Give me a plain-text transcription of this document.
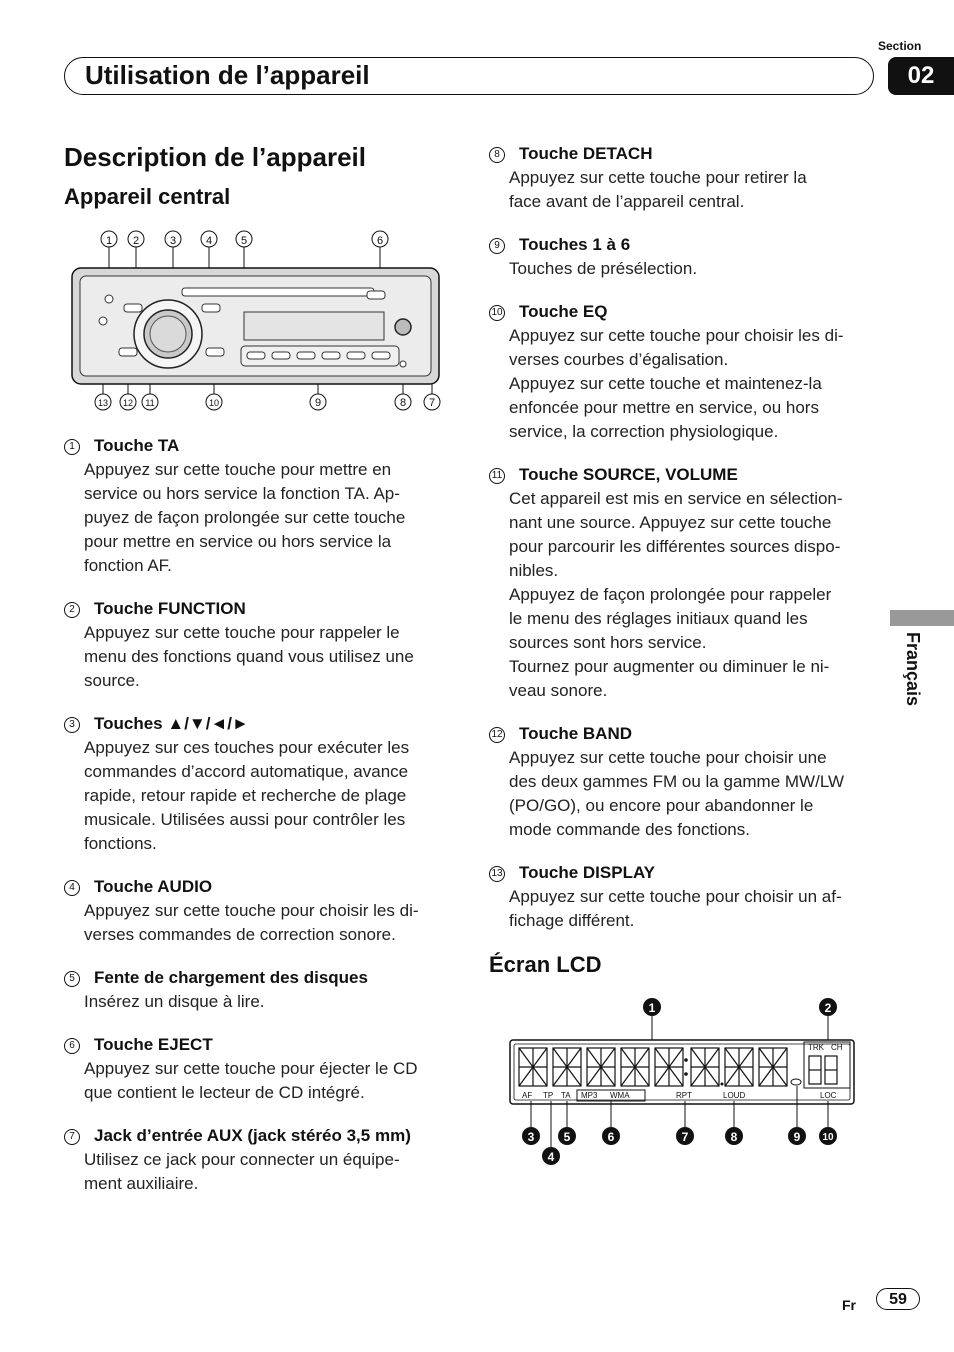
Section
02
Utilisation de l’appareil
Description de l’appareil
Appareil central
1 2	3	4	5	6
13 12 11	10	9	8 7
1 Touche TA

Appuyez sur cette touche pour mettre en

service ou hors service la fonction TA. Ap-

puyez de façon prolongée sur cette touche

pour mettre en service ou hors service la

fonction AF.

2 Touche FUNCTION

Appuyez sur cette touche pour rappeler le

menu des fonctions quand vous utilisez une

source.

3 Touches ▲/▼/◄/►

Appuyez sur ces touches pour exécuter les

commandes d’accord automatique, avance

rapide, retour rapide et recherche de plage

musicale. Utilisées aussi pour contrôler les

fonctions.

4 Touche AUDIO

Appuyez sur cette touche pour choisir les di-

verses commandes de correction sonore.

5 Fente de chargement des disques

Insérez un disque à lire.

6 Touche EJECT

Appuyez sur cette touche pour éjecter le CD

que contient le lecteur de CD intégré.

7 Jack d’entrée AUX (jack stéréo 3,5 mm)

Utilisez ce jack pour connecter un équipe-

ment auxiliaire.

8 Touche DETACH

Appuyez sur cette touche pour retirer la

face avant de l’appareil central.

9 Touches 1 à 6

Touches de présélection.

10 Touche EQ

Appuyez sur cette touche pour choisir les di-

verses courbes d’égalisation.

Appuyez sur cette touche et maintenez-la

enfoncée pour mettre en service, ou hors

service, la correction physiologique.

11 Touche SOURCE, VOLUME

Cet appareil est mis en service en sélection-

nant une source. Appuyez sur cette touche

pour parcourir les différentes sources dispo-

nibles.

Appuyez de façon prolongée pour rappeler

le menu des réglages initiaux quand les

sources sont hors service.

Tournez pour augmenter ou diminuer le ni-

veau sonore.

12 Touche BAND

Appuyez sur cette touche pour choisir une

des deux gammes FM ou la gamme MW/LW

(PO/GO), ou encore pour abandonner le

mode commande des fonctions.

13 Touche DISPLAY

Appuyez sur cette touche pour choisir un af-

fichage différent.

Écran LCD
1	2
TRK CH
AF TP TA MP3 WMA	RPT	LOUD	LOC
3 5	6	7	8	9 10
4
Français
Fr	59
